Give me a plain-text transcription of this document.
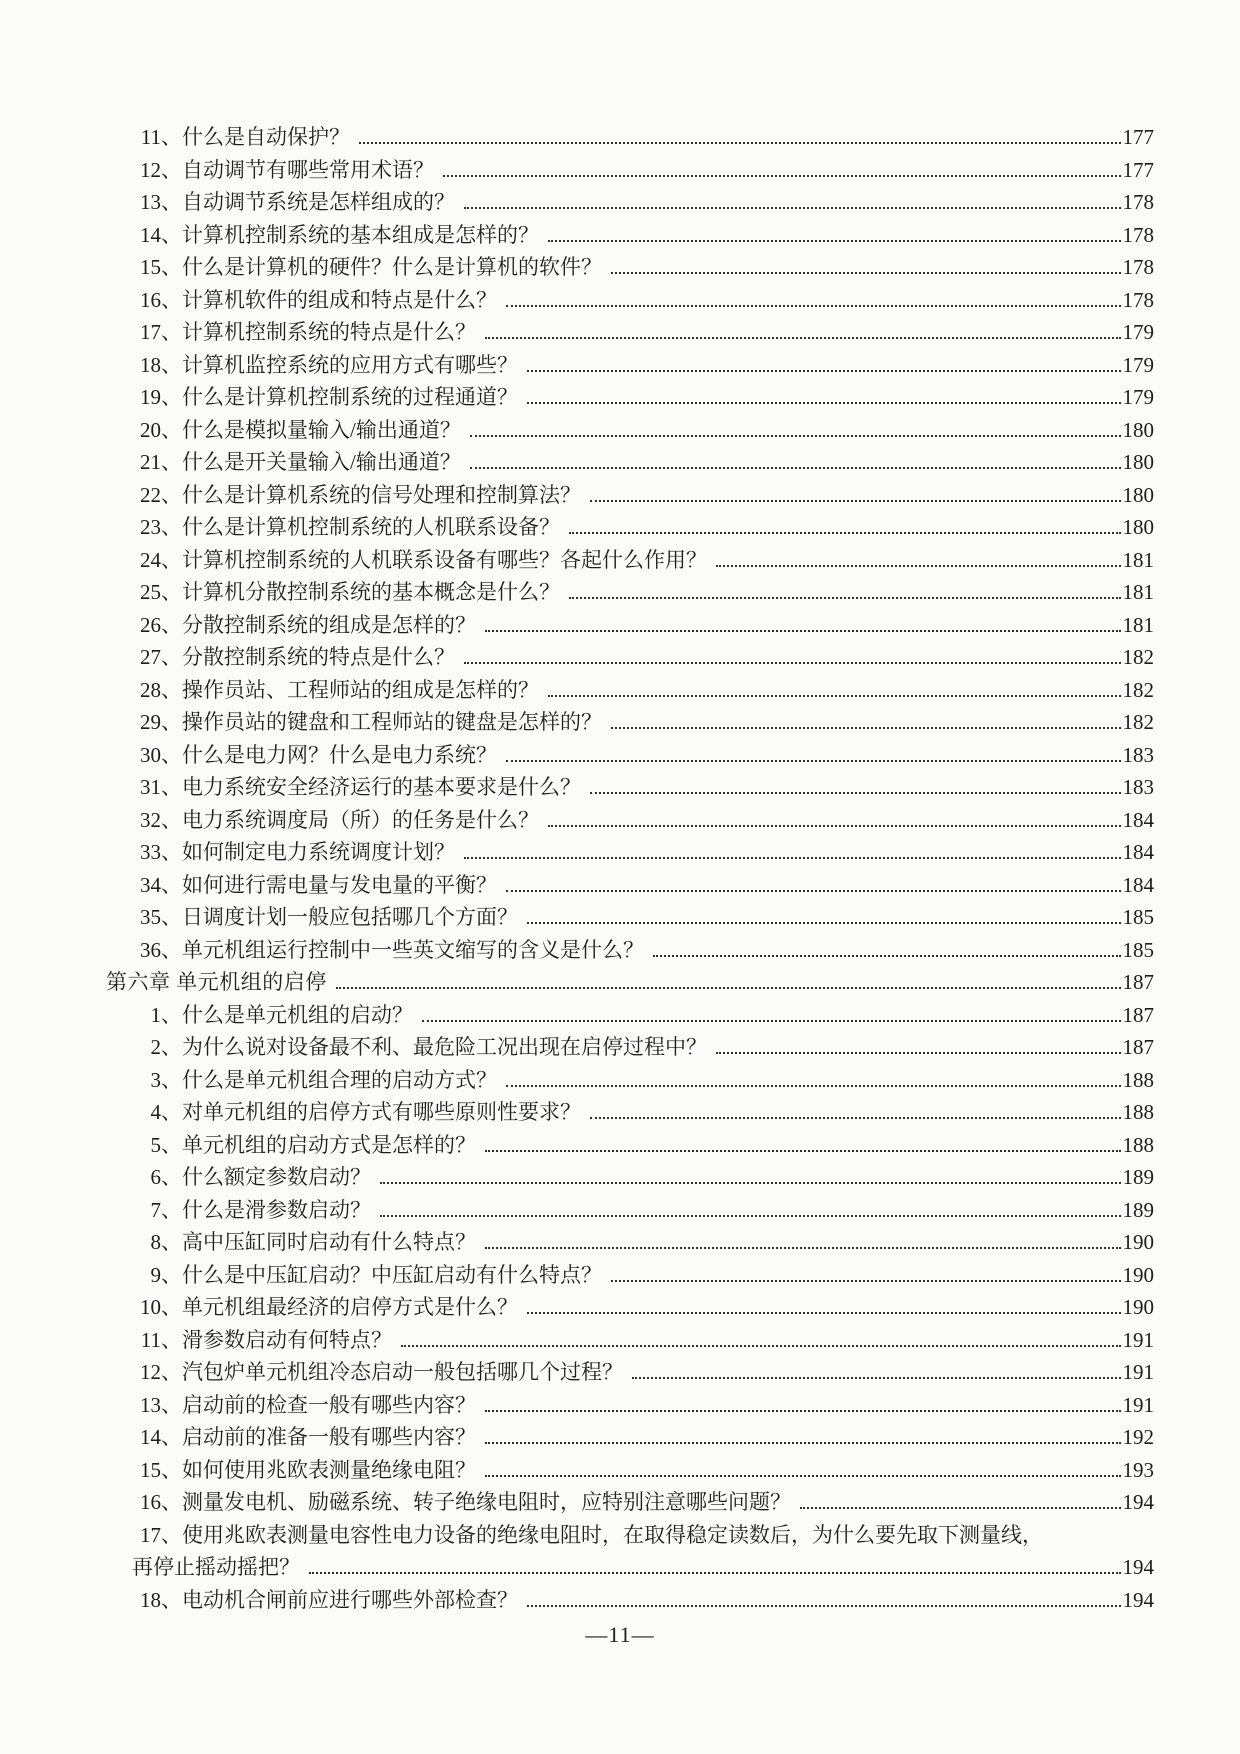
11、 什么是自动保护？	177
12、 自动调节有哪些常用术语？	177
13、 自动调节系统是怎样组成的？	178
14、 计算机控制系统的基本组成是怎样的？	178
15、 什么是计算机的硬件？什么是计算机的软件？	178
16、 计算机软件的组成和特点是什么？	178
17、 计算机控制系统的特点是什么？	179
18、 计算机监控系统的应用方式有哪些？	179
19、 什么是计算机控制系统的过程通道？	179
20、 什么是模拟量输入/输出通道？	180
21、 什么是开关量输入/输出通道？	180
22、 什么是计算机系统的信号处理和控制算法？	180
23、 什么是计算机控制系统的人机联系设备？	180
24、 计算机控制系统的人机联系设备有哪些？各起什么作用？	181
25、 计算机分散控制系统的基本概念是什么？	181
26、 分散控制系统的组成是怎样的？	181
27、 分散控制系统的特点是什么？	182
28、 操作员站、工程师站的组成是怎样的？	182
29、 操作员站的键盘和工程师站的键盘是怎样的？	182
30、 什么是电力网？什么是电力系统？	183
31、 电力系统安全经济运行的基本要求是什么？	183
32、 电力系统调度局（所）的任务是什么？	184
33、 如何制定电力系统调度计划？	184
34、 如何进行需电量与发电量的平衡？	184
35、 日调度计划一般应包括哪几个方面？	185
36、 单元机组运行控制中一些英文缩写的含义是什么？	185
第六章 单元机组的启停	187
1、 什么是单元机组的启动？	187
2、 为什么说对设备最不利、最危险工况出现在启停过程中？	187
3、 什么是单元机组合理的启动方式？	188
4、 对单元机组的启停方式有哪些原则性要求？	188
5、 单元机组的启动方式是怎样的？	188
6、 什么额定参数启动？	189
7、 什么是滑参数启动？	189
8、 高中压缸同时启动有什么特点？	190
9、 什么是中压缸启动？中压缸启动有什么特点？	190
10、 单元机组最经济的启停方式是什么？	190
11、 滑参数启动有何特点？	191
12、 汽包炉单元机组冷态启动一般包括哪几个过程？	191
13、 启动前的检查一般有哪些内容？	191
14、 启动前的准备一般有哪些内容？	192
15、 如何使用兆欧表测量绝缘电阻？	193
16、 测量发电机、励磁系统、转子绝缘电阻时，应特别注意哪些问题？	194
17、 使用兆欧表测量电容性电力设备的绝缘电阻时，在取得稳定读数后，为什么要先取下测量线，
再停止摇动摇把？	194
18、 电动机合闸前应进行哪些外部检查？	194
—11—
